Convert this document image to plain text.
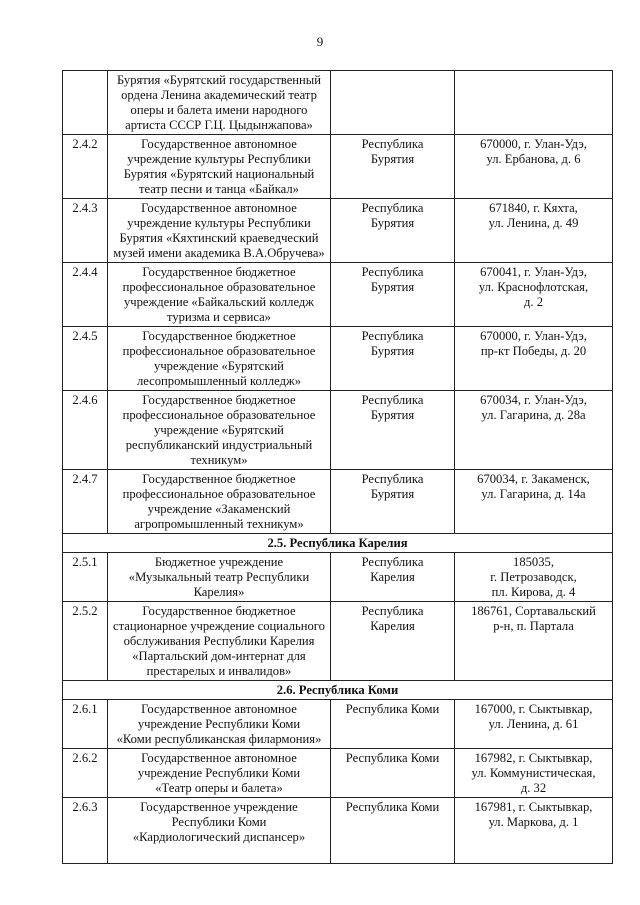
9
	Бурятия «Бурятский государственный
ордена Ленина академический театр
оперы и балета имени народного
артиста СССР Г.Ц. Цыдынжапова»		
2.4.2	Государственное автономное
учреждение культуры Республики
Бурятия «Бурятский национальный
театр песни и танца «Байкал»	Республика
Бурятия	670000, г. Улан-Удэ,
ул. Ербанова, д. 6
2.4.3	Государственное автономное
учреждение культуры Республики
Бурятия «Кяхтинский краеведческий
музей имени академика В.А.Обручева»	Республика
Бурятия	671840, г. Кяхта,
ул. Ленина, д. 49
2.4.4	Государственное бюджетное
профессиональное образовательное
учреждение «Байкальский колледж
туризма и сервиса»	Республика
Бурятия	670041, г. Улан-Удэ,
ул. Краснофлотская,
д. 2
2.4.5	Государственное бюджетное
профессиональное образовательное
учреждение «Бурятский
лесопромышленный колледж»	Республика
Бурятия	670000, г. Улан-Удэ,
пр-кт Победы, д. 20
2.4.6	Государственное бюджетное
профессиональное образовательное
учреждение «Бурятский
республиканский индустриальный
техникум»	Республика
Бурятия	670034, г. Улан-Удэ,
ул. Гагарина, д. 28а
2.4.7	Государственное бюджетное
профессиональное образовательное
учреждение «Закаменский
агропромышленный техникум»	Республика
Бурятия	670034, г. Закаменск,
ул. Гагарина, д. 14а
2.5. Республика Карелия			
2.5.1	Бюджетное учреждение
«Музыкальный театр Республики
Карелия»	Республика
Карелия	185035,
г. Петрозаводск,
пл. Кирова, д. 4
2.5.2	Государственное бюджетное
стационарное учреждение социального
обслуживания Республики Карелия
«Партальский дом-интернат для
престарелых и инвалидов»	Республика
Карелия	186761, Сортавальский
р-н, п. Партала
2.6. Республика Коми			
2.6.1	Государственное автономное
учреждение Республики Коми
«Коми республиканская филармония»	Республика Коми	167000, г. Сыктывкар,
ул. Ленина, д. 61
2.6.2	Государственное автономное
учреждение Республики Коми
«Театр оперы и балета»	Республика Коми	167982, г. Сыктывкар,
ул. Коммунистическая,
д. 32
2.6.3	Государственное учреждение
Республики Коми
«Кардиологический диспансер»	Республика Коми	167981, г. Сыктывкар,
ул. Маркова, д. 1
